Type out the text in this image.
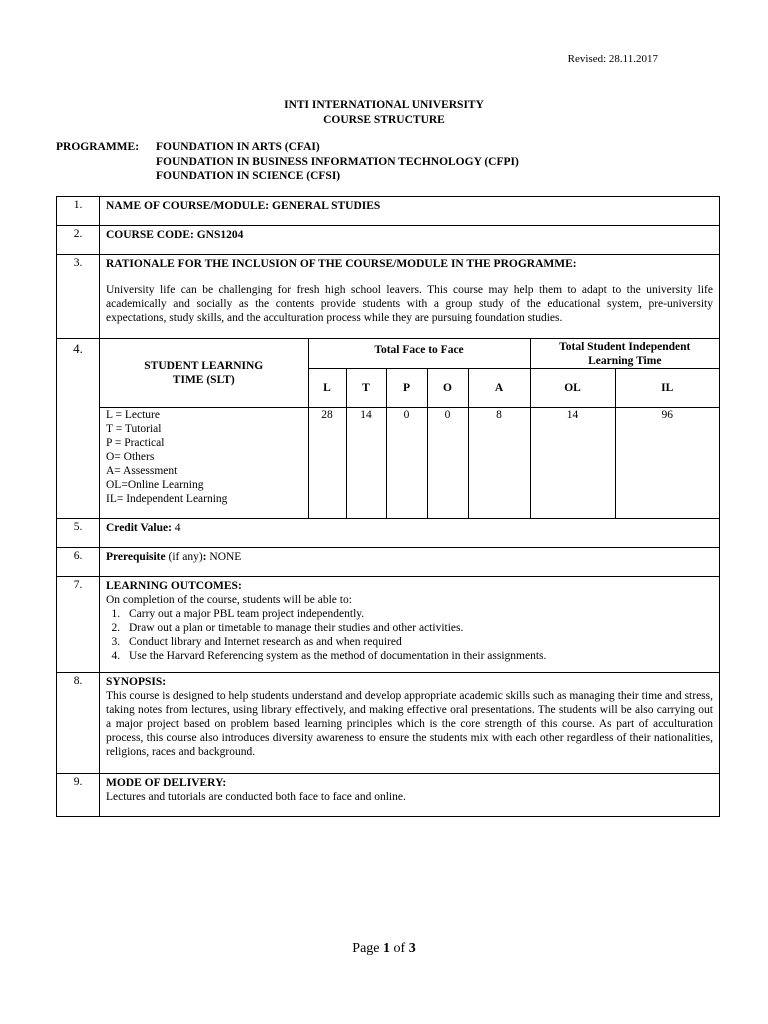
Revised: 28.11.2017
INTI INTERNATIONAL UNIVERSITY
COURSE STRUCTURE
PROGRAMME:	FOUNDATION IN ARTS (CFAI)
FOUNDATION IN BUSINESS INFORMATION TECHNOLOGY (CFPI)
FOUNDATION IN SCIENCE (CFSI)
1.	NAME OF COURSE/MODULE: GENERAL STUDIES

2.	COURSE CODE: GNS1204

3.	RATIONALE FOR THE INCLUSION OF THE COURSE/MODULE IN THE PROGRAMME:
University life can be challenging for fresh high school leavers. This course may help them to adapt to the university life academically and socially as the contents provide students with a group study of the educational system, pre-university expectations, study skills, and the acculturation process while they are pursuing foundation studies.

4.	
STUDENT LEARNING TIME (SLT)	Total Face to Face	Total Student Independent Learning Time
L	T	P	O	A	OL	IL

L = Lecture
T = Tutorial
P = Practical
O= Others
A= Assessment
OL=Online Learning
IL= Independent Learning
	28	14	0	0	8	14	96

5.	Credit Value: 4

6.	Prerequisite (if any): NONE

7.	LEARNING OUTCOMES:
On completion of the course, students will be able to:
1. Carry out a major PBL team project independently.
2. Draw out a plan or timetable to manage their studies and other activities.
3. Conduct library and Internet research as and when required
4. Use the Harvard Referencing system as the method of documentation in their assignments.

8.	SYNOPSIS:
This course is designed to help students understand and develop appropriate academic skills such as managing their time and stress, taking notes from lectures, using library effectively, and making effective oral presentations. The students will be also carrying out a major project based on problem based learning principles which is the core strength of this course. As part of acculturation process, this course also introduces diversity awareness to ensure the students mix with each other regardless of their nationalities, religions, races and background.

9.	MODE OF DELIVERY:
Lectures and tutorials are conducted both face to face and online.
Page 1 of 3
